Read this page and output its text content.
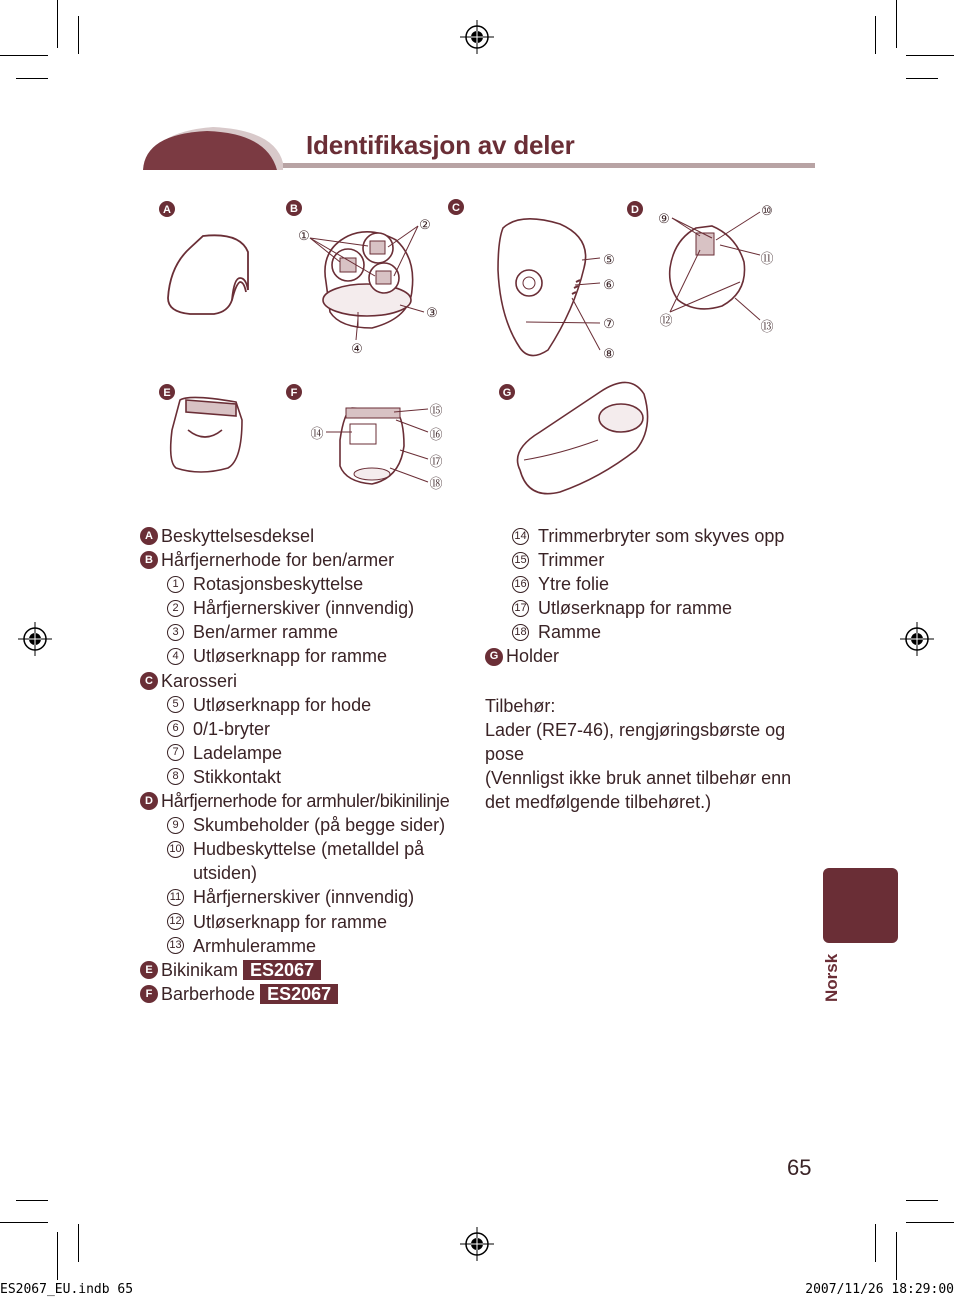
Identifikasjon av deler
A	B	C	D
E	F	G
①
②
③
④
⑤
⑥
⑦
⑧
⑨
⑩
⑪
⑫	⑬
⑭
⑮
⑯
⑰
⑱
A Beskyttelsesdeksel
B Hårfjernerhode for ben/armer
1 Rotasjonsbeskyttelse
2 Hårfjernerskiver (innvendig)
3 Ben/armer ramme
4 Utløserknapp for ramme
C Karosseri
5 Utløserknapp for hode
6 0/1-bryter
7 Ladelampe
8 Stikkontakt
D Hårfjernerhode for armhuler/bikinilinje
9 Skumbeholder (på begge sider)
10 Hudbeskyttelse (metalldel på utsiden)
11 Hårfjernerskiver (innvendig)
12 Utløserknapp for ramme
13 Armhuleramme
E Bikinikam ES2067
F Barberhode ES2067
14 Trimmerbryter som skyves opp
15 Trimmer
16 Ytre folie
17 Utløserknapp for ramme
18 Ramme
G Holder
Tilbehør:
Lader (RE7-46), rengjøringsbørste og pose
(Vennligst ikke bruk annet tilbehør enn det medfølgende tilbehøret.)
Norsk
65
ES2067_EU.indb 65	2007/11/26 18:29:00
